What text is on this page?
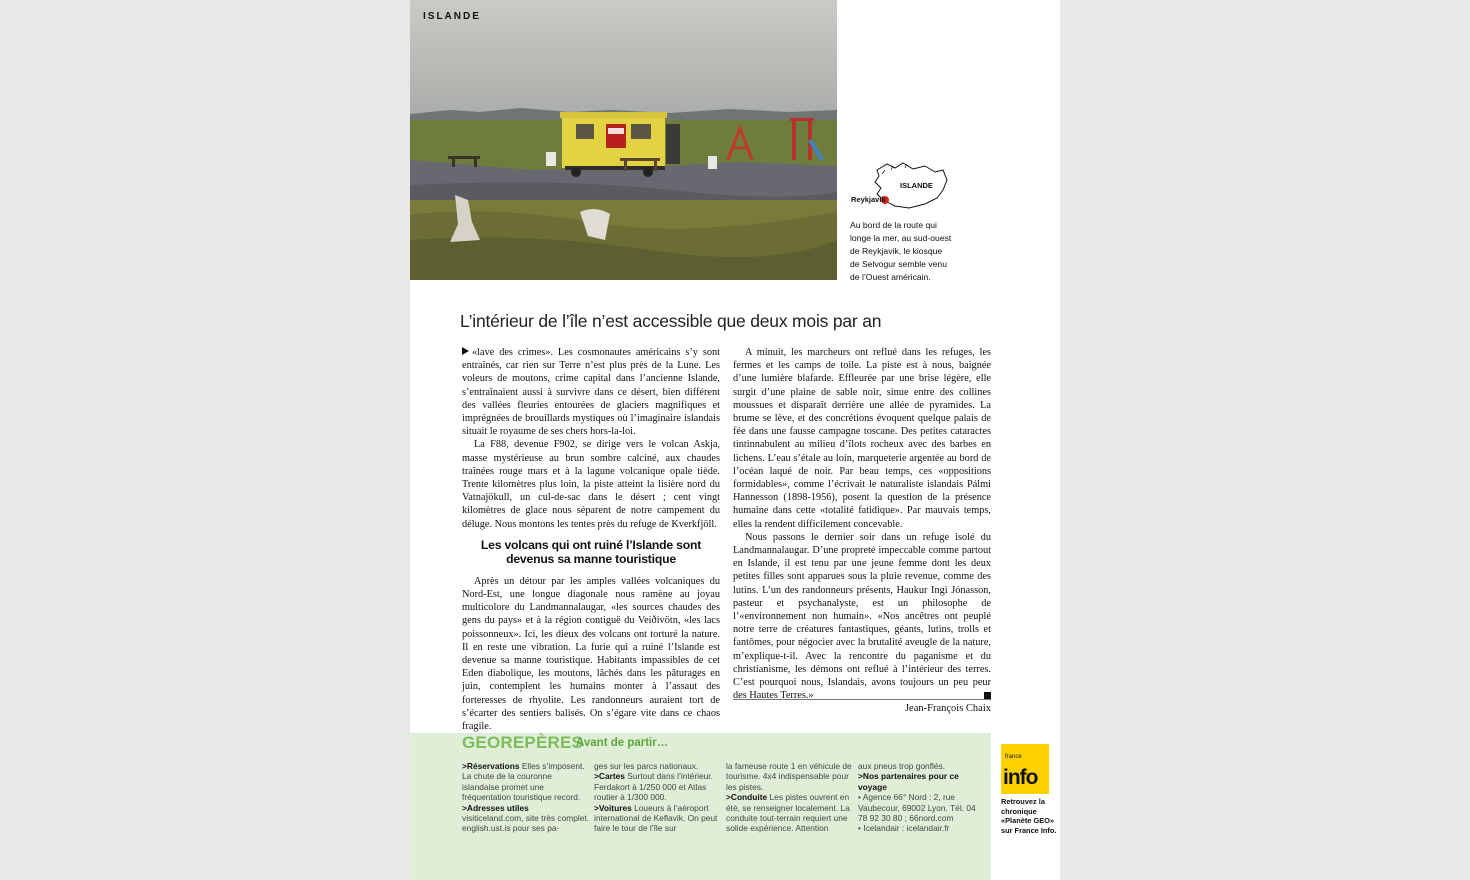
ISLANDE
ISLANDE
Reykjavik

Au bord de la route qui

longe la mer, au sud-ouest

de Reykjavik, le kiosque

de Selvogur semble venu

de l’Ouest américain.

L’intérieur de l’île n’est accessible que deux mois par an

«lave des crimes». Les cosmonautes américains s’y sont entraînés, car rien sur Terre n’est plus près de la Lune. Les voleurs de moutons, crime capital dans l’ancienne Islande, s’entraînaient aussi à survivre dans ce désert, bien différent des vallées fleuries entourées de glaciers magnifiques et imprégnées de brouillards mystiques où l’imaginaire islandais situait le royaume de ses chers hors-la-loi.

La F88, devenue F902, se dirige vers le volcan Askja, masse mystérieuse au brun sombre calciné, aux chaudes traînées rouge mars et à la lagune volcanique opale tiède. Trente kilomètres plus loin, la piste atteint la lisière nord du Vatnajökull, un cul-de-sac dans le désert ; cent vingt kilomètres de glace nous séparent de notre campement du déluge. Nous montons les tentes près du refuge de Kverkfjöll.

Les volcans qui ont ruiné l’Islande sont devenus sa manne touristique

Après un détour par les amples vallées volcaniques du Nord-Est, une longue diagonale nous ramène au joyau multicolore du Landmannalaugar, «les sources chaudes des gens du pays» et à la région contiguë du Veiðivötn, «les lacs poissonneux». Ici, les dieux des volcans ont torturé la nature. Il en reste une vibration. La furie qui a ruiné l’Islande est devenue sa manne touristique. Habitants impassibles de cet Eden diabolique, les moutons, lâchés dans les pâturages en juin, contemplent les humains monter à l’assaut des forteresses de rhyolite. Les randonneurs auraient tort de s’écarter des sentiers balisés. On s’égare vite dans ce chaos fragile.

A minuit, les marcheurs ont reflué dans les refuges, les fermes et les camps de toile. La piste est à nous, baignée d’une lumière blafarde. Effleurée par une brise légère, elle surgit d’une plaine de sable noir, sinue entre des collines moussues et disparaît derrière une allée de pyramides. La brume se lève, et des concrétions évoquent quelque palais de fée dans une fausse campagne toscane. Des petites cataractes tintinnabulent au milieu d’îlots rocheux avec des barbes en lichens. L’eau s’étale au loin, marqueterie argentée au bord de l’océan laqué de noir. Par beau temps, ces «oppositions formidables», comme l’écrivait le naturaliste islandais Pálmi Hannesson (1898-1956), posent la question de la présence humaine dans cette «totalité fatidique». Par mauvais temps, elles la rendent difficilement concevable.

Nous passons le dernier soir dans un refuge isolé du Landmannalaugar. D’une propreté impeccable comme partout en Islande, il est tenu par une jeune femme dont les deux petites filles sont apparues sous la pluie revenue, comme des lutins. L’un des randonneurs présents, Haukur Ingi Jónasson, pasteur et psychanalyste, est un philosophe de l’«environnement non humain». «Nos ancêtres ont peuplé notre terre de créatures fantastiques, géants, lutins, trolls et fantômes, pour négocier avec la brutalité aveugle de la nature, m’explique-t-il. Avec la rencontre du paganisme et du christianisme, les démons ont reflué à l’intérieur des terres. C’est pourquoi nous, Islandais, avons toujours un peu peur des Hautes Terres.»

Jean-François Chaix
GEOREPÈRES
Avant de partir…

>Réservations Elles s’imposent. La chute de la couronne islandaise promet une fréquentation touristique record.

>Adresses utiles

visiticeland.com, site très complet. english.ust.is pour ses pa-

ges sur les parcs nationaux.

>Cartes Surtout dans l’intérieur. Ferdakort à 1/250 000 et Atlas routier à 1/300 000.

>Voitures Loueurs à l’aéroport international de Keflavik. On peut faire le tour de l’île sur

la fameuse route 1 en véhicule de tourisme. 4x4 indispensable pour les pistes.

>Conduite Les pistes ouvrent en été, se renseigner localement. La conduite tout-terrain requiert une solide expérience. Attention

aux pneus trop gonflés.

>Nos partenaires pour ce voyage

• Agence 66° Nord : 2, rue Vaubecour, 69002 Lyon. Tél. 04 78 92 30 80 ; 66nord.com

• Icelandair : icelandair.fr

france
info

Retrouvez la

chronique

«Planète GEO»

sur France Info.
